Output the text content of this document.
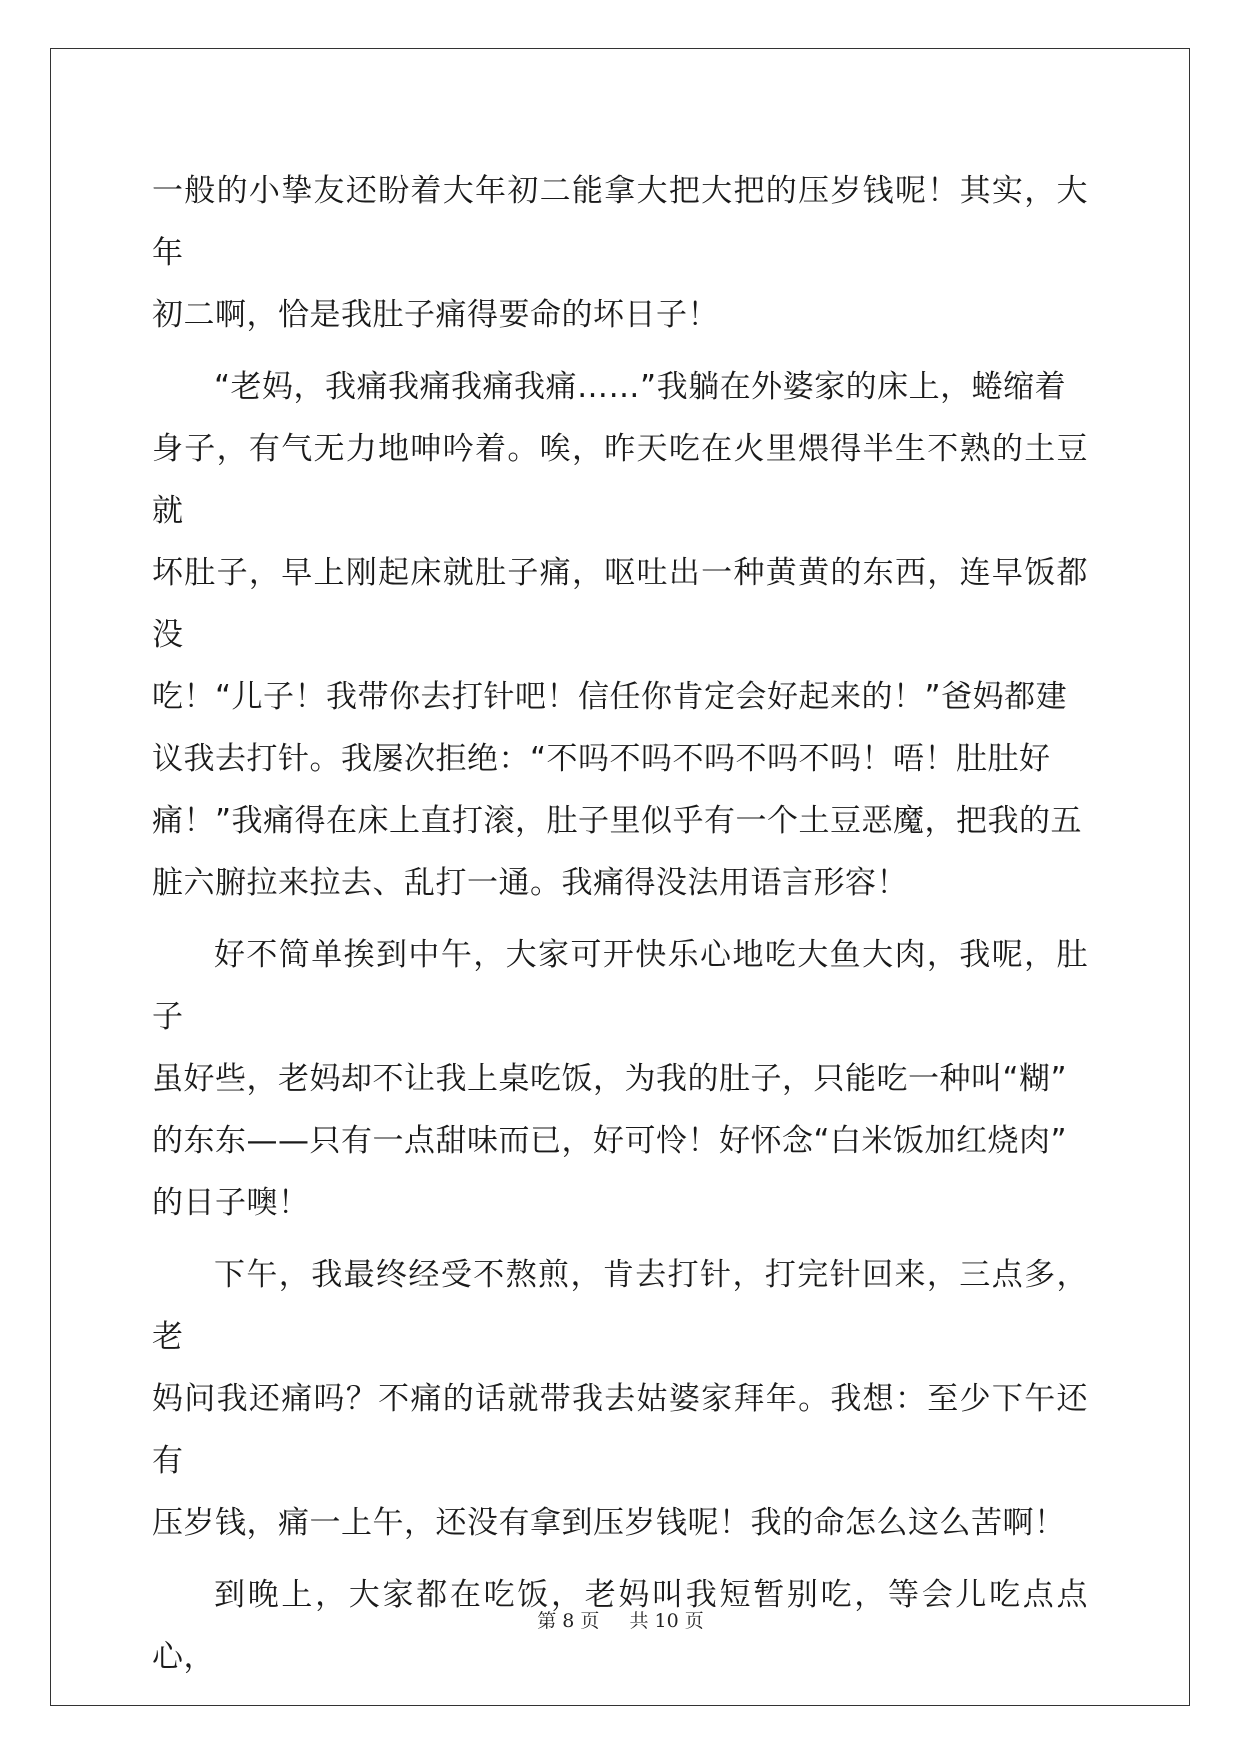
一般的小挚友还盼着大年初二能拿大把大把的压岁钱呢！其实，大年
初二啊，恰是我肚子痛得要命的坏日子！
“老妈，我痛我痛我痛我痛……”我躺在外婆家的床上，蜷缩着
身子，有气无力地呻吟着。唉，昨天吃在火里煨得半生不熟的土豆就
坏肚子，早上刚起床就肚子痛，呕吐出一种黄黄的东西，连早饭都没
吃！“儿子！我带你去打针吧！信任你肯定会好起来的！”爸妈都建
议我去打针。我屡次拒绝：“不吗不吗不吗不吗不吗！唔！肚肚好
痛！”我痛得在床上直打滚，肚子里似乎有一个土豆恶魔，把我的五
脏六腑拉来拉去、乱打一通。我痛得没法用语言形容！
好不简单挨到中午，大家可开快乐心地吃大鱼大肉，我呢，肚子
虽好些，老妈却不让我上桌吃饭，为我的肚子，只能吃一种叫“糊”
的东东——只有一点甜味而已，好可怜！好怀念“白米饭加红烧肉”
的日子噢！
下午，我最终经受不熬煎，肯去打针，打完针回来，三点多，老
妈问我还痛吗？不痛的话就带我去姑婆家拜年。我想：至少下午还有
压岁钱，痛一上午，还没有拿到压岁钱呢！我的命怎么这么苦啊！
到晚上，大家都在吃饭，老妈叫我短暂别吃，等会儿吃点点心，
第 8 页 共 10 页
